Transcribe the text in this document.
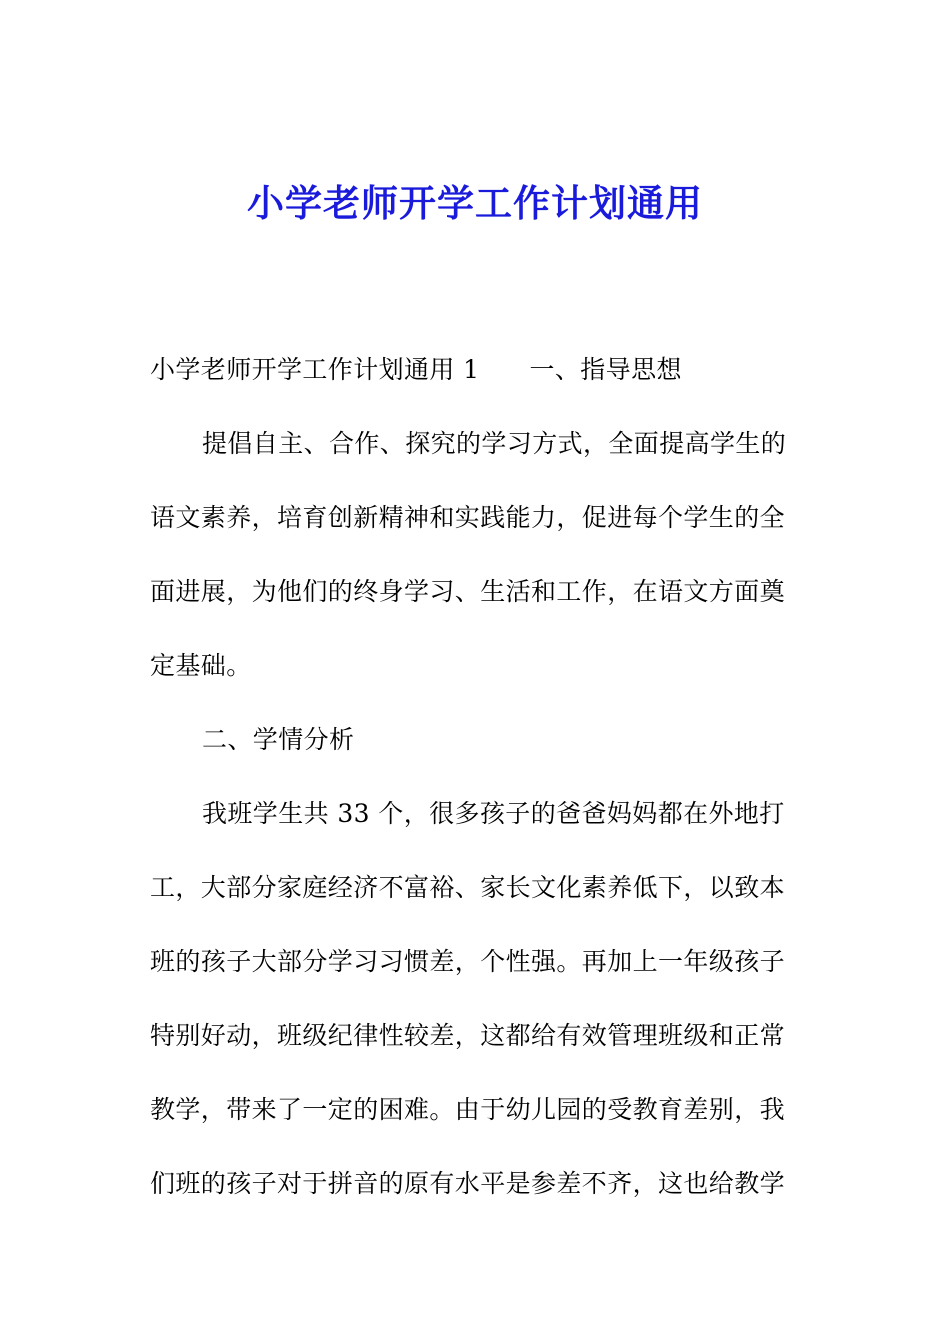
小学老师开学工作计划通用
小学老师开学工作计划通用 1 一、指导思想
提倡自主、合作、探究的学习方式，全面提高学生的
语文素养，培育创新精神和实践能力，促进每个学生的全
面进展，为他们的终身学习、生活和工作，在语文方面奠
定基础。
二、学情分析
我班学生共 33 个，很多孩子的爸爸妈妈都在外地打
工，大部分家庭经济不富裕、家长文化素养低下，以致本
班的孩子大部分学习习惯差，个性强。再加上一年级孩子
特别好动，班级纪律性较差，这都给有效管理班级和正常
教学，带来了一定的困难。由于幼儿园的受教育差别，我
们班的孩子对于拼音的原有水平是参差不齐，这也给教学
